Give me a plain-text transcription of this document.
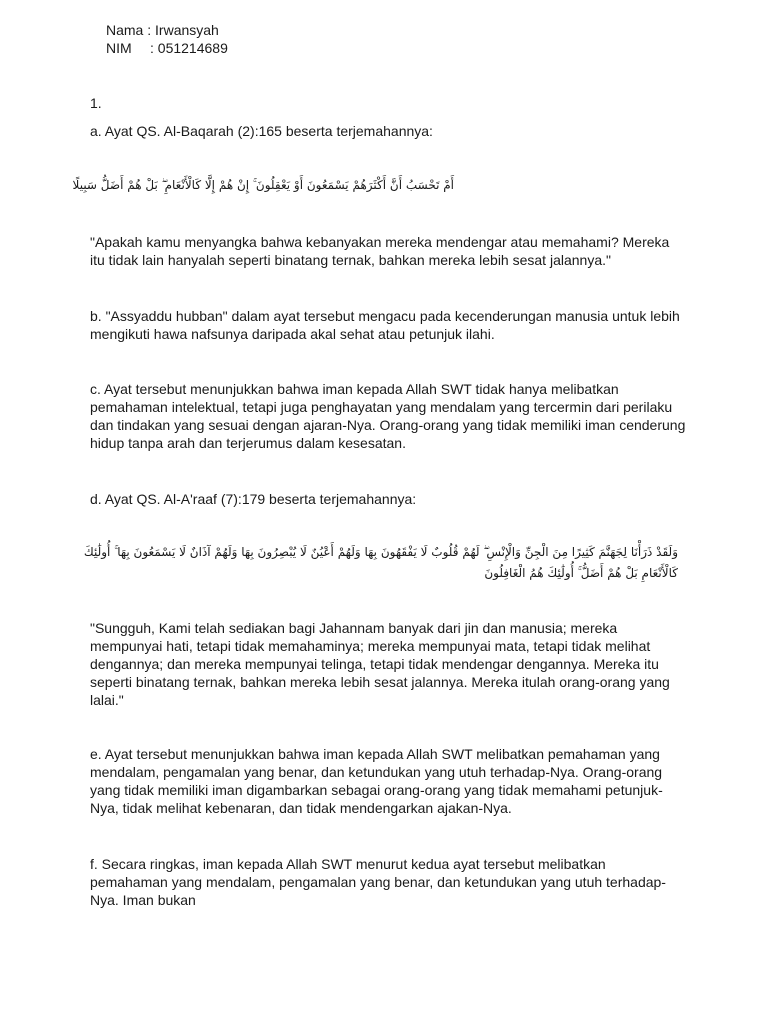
Nama : Irwansyah
NIM : 051214689
1.
a. Ayat QS. Al-Baqarah (2):165 beserta terjemahannya:
أَمْ تَحْسَبُ أَنَّ أَكْثَرَهُمْ يَسْمَعُونَ أَوْ يَعْقِلُونَ ۚ إِنْ هُمْ إِلَّا كَالْأَنْعَامِ ۖ بَلْ هُمْ أَضَلُّ سَبِيلًا
"Apakah kamu menyangka bahwa kebanyakan mereka mendengar atau memahami? Mereka
itu tidak lain hanyalah seperti binatang ternak, bahkan mereka lebih sesat jalannya."
b. "Assyaddu hubban" dalam ayat tersebut mengacu pada kecenderungan manusia untuk lebih
mengikuti hawa nafsunya daripada akal sehat atau petunjuk ilahi.
c. Ayat tersebut menunjukkan bahwa iman kepada Allah SWT tidak hanya melibatkan
pemahaman intelektual, tetapi juga penghayatan yang mendalam yang tercermin dari perilaku
dan tindakan yang sesuai dengan ajaran-Nya. Orang-orang yang tidak memiliki iman cenderung
hidup tanpa arah dan terjerumus dalam kesesatan.
d. Ayat QS. Al-A'raaf (7):179 beserta terjemahannya:
وَلَقَدْ ذَرَأْنَا لِجَهَنَّمَ كَثِيرًا مِنَ الْجِنِّ وَالْإِنْسِ ۖ لَهُمْ قُلُوبٌ لَا يَفْقَهُونَ بِهَا وَلَهُمْ أَعْيُنٌ لَا يُبْصِرُونَ بِهَا وَلَهُمْ آذَانٌ لَا يَسْمَعُونَ بِهَا ۚ أُولَٰئِكَ
كَالْأَنْعَامِ بَلْ هُمْ أَضَلُّ ۚ أُولَٰئِكَ هُمُ الْغَافِلُونَ
"Sungguh, Kami telah sediakan bagi Jahannam banyak dari jin dan manusia; mereka
mempunyai hati, tetapi tidak memahaminya; mereka mempunyai mata, tetapi tidak melihat
dengannya; dan mereka mempunyai telinga, tetapi tidak mendengar dengannya. Mereka itu
seperti binatang ternak, bahkan mereka lebih sesat jalannya. Mereka itulah orang-orang yang
lalai."
e. Ayat tersebut menunjukkan bahwa iman kepada Allah SWT melibatkan pemahaman yang
mendalam, pengamalan yang benar, dan ketundukan yang utuh terhadap-Nya. Orang-orang
yang tidak memiliki iman digambarkan sebagai orang-orang yang tidak memahami petunjuk-
Nya, tidak melihat kebenaran, dan tidak mendengarkan ajakan-Nya.
f. Secara ringkas, iman kepada Allah SWT menurut kedua ayat tersebut melibatkan
pemahaman yang mendalam, pengamalan yang benar, dan ketundukan yang utuh terhadap-
Nya. Iman bukan
